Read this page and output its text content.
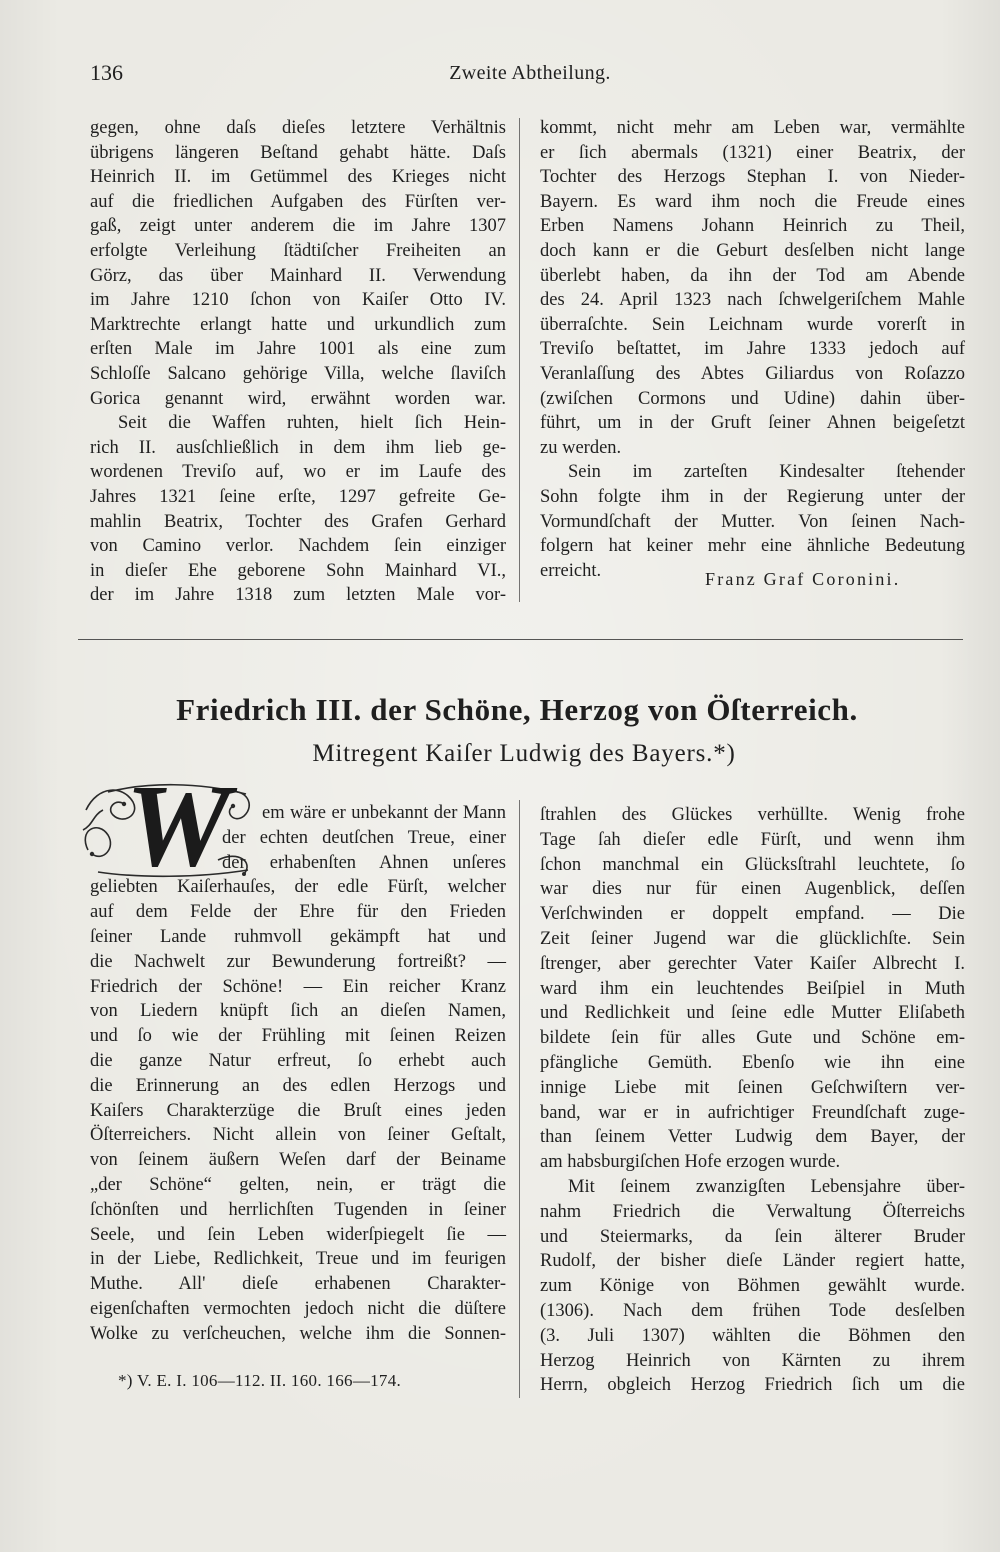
136	Zweite Abtheilung.
gegen, ohne daſs dieſes letztere Verhältnis
übrigens längeren Beſtand gehabt hätte. Daſs
Heinrich II. im Getümmel des Krieges nicht
auf die friedlichen Aufgaben des Fürſten ver-
gaß, zeigt unter anderem die im Jahre 1307
erfolgte Verleihung ſtädtiſcher Freiheiten an
Görz, das über Mainhard II. Verwendung
im Jahre 1210 ſchon von Kaiſer Otto IV.
Marktrechte erlangt hatte und urkundlich zum
erſten Male im Jahre 1001 als eine zum
Schloſſe Salcano gehörige Villa, welche ſlaviſch
Gorica genannt wird, erwähnt worden war.
Seit die Waffen ruhten, hielt ſich Hein-
rich II. ausſchließlich in dem ihm lieb ge-
wordenen Treviſo auf, wo er im Laufe des
Jahres 1321 ſeine erſte, 1297 gefreite Ge-
mahlin Beatrix, Tochter des Grafen Gerhard
von Camino verlor. Nachdem ſein einziger
in dieſer Ehe geborene Sohn Mainhard VI.,
der im Jahre 1318 zum letzten Male vor-
kommt, nicht mehr am Leben war, vermählte
er ſich abermals (1321) einer Beatrix, der
Tochter des Herzogs Stephan I. von Nieder-
Bayern. Es ward ihm noch die Freude eines
Erben Namens Johann Heinrich zu Theil,
doch kann er die Geburt desſelben nicht lange
überlebt haben, da ihn der Tod am Abende
des 24. April 1323 nach ſchwelgeriſchem Mahle
überraſchte. Sein Leichnam wurde vorerſt in
Treviſo beſtattet, im Jahre 1333 jedoch auf
Veranlaſſung des Abtes Giliardus von Roſazzo
(zwiſchen Cormons und Udine) dahin über-
führt, um in der Gruft ſeiner Ahnen beigeſetzt
zu werden.
Sein im zarteſten Kindesalter ſtehender
Sohn folgte ihm in der Regierung unter der
Vormundſchaft der Mutter. Von ſeinen Nach-
folgern hat keiner mehr eine ähnliche Bedeutung
erreicht.	Franz Graf Coronini.
Friedrich III. der Schöne, Herzog von Öſterreich.
Mitregent Kaiſer Ludwig des Bayers.*)
W	em wäre er unbekannt der Mann
der echten deutſchen Treue, einer
der erhabenſten Ahnen unſeres
geliebten Kaiſerhauſes, der edle Fürſt, welcher
auf dem Felde der Ehre für den Frieden
ſeiner Lande ruhmvoll gekämpft hat und
die Nachwelt zur Bewunderung fortreißt? —
Friedrich der Schöne! — Ein reicher Kranz
von Liedern knüpft ſich an dieſen Namen,
und ſo wie der Frühling mit ſeinen Reizen
die ganze Natur erfreut, ſo erhebt auch
die Erinnerung an des edlen Herzogs und
Kaiſers Charakterzüge die Bruſt eines jeden
Öſterreichers. Nicht allein von ſeiner Geſtalt,
von ſeinem äußern Weſen darf der Beiname
„der Schöne“ gelten, nein, er trägt die
ſchönſten und herrlichſten Tugenden in ſeiner
Seele, und ſein Leben widerſpiegelt ſie —
in der Liebe, Redlichkeit, Treue und im feurigen
Muthe. All' dieſe erhabenen Charakter-
eigenſchaften vermochten jedoch nicht die düſtere
Wolke zu verſcheuchen, welche ihm die Sonnen-
ſtrahlen des Glückes verhüllte. Wenig frohe
Tage ſah dieſer edle Fürſt, und wenn ihm
ſchon manchmal ein Glücksſtrahl leuchtete, ſo
war dies nur für einen Augenblick, deſſen
Verſchwinden er doppelt empfand. — Die
Zeit ſeiner Jugend war die glücklichſte. Sein
ſtrenger, aber gerechter Vater Kaiſer Albrecht I.
ward ihm ein leuchtendes Beiſpiel in Muth
und Redlichkeit und ſeine edle Mutter Eliſabeth
bildete ſein für alles Gute und Schöne em-
pfängliche Gemüth. Ebenſo wie ihn eine
innige Liebe mit ſeinen Geſchwiſtern ver-
band, war er in aufrichtiger Freundſchaft zuge-
than ſeinem Vetter Ludwig dem Bayer, der
am habsburgiſchen Hofe erzogen wurde.
Mit ſeinem zwanzigſten Lebensjahre über-
nahm Friedrich die Verwaltung Öſterreichs
und Steiermarks, da ſein älterer Bruder
Rudolf, der bisher dieſe Länder regiert hatte,
zum Könige von Böhmen gewählt wurde.
(1306). Nach dem frühen Tode desſelben
(3. Juli 1307) wählten die Böhmen den
Herzog Heinrich von Kärnten zu ihrem
Herrn, obgleich Herzog Friedrich ſich um die
*) V. E. I. 106—112. II. 160. 166—174.
